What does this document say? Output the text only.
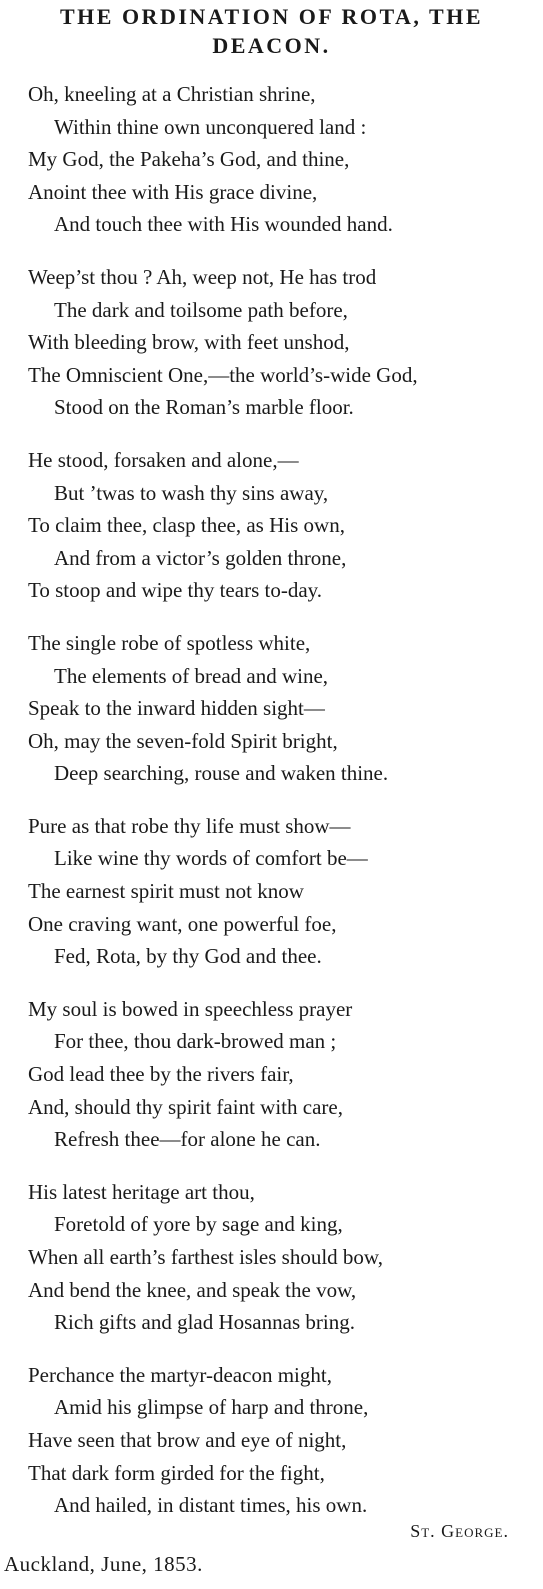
THE ORDINATION OF ROTA, THE
DEACON.
Oh, kneeling at a Christian shrine,
Within thine own unconquered land :
My God, the Pakeha’s God, and thine,
Anoint thee with His grace divine,
And touch thee with His wounded hand.
Weep’st thou ? Ah, weep not, He has trod
The dark and toilsome path before,
With bleeding brow, with feet unshod,
The Omniscient One,—the world’s-wide God,
Stood on the Roman’s marble floor.
He stood, forsaken and alone,—
But ’twas to wash thy sins away,
To claim thee, clasp thee, as His own,
And from a victor’s golden throne,
To stoop and wipe thy tears to-day.
The single robe of spotless white,
The elements of bread and wine,
Speak to the inward hidden sight—
Oh, may the seven-fold Spirit bright,
Deep searching, rouse and waken thine.
Pure as that robe thy life must show—
Like wine thy words of comfort be—
The earnest spirit must not know
One craving want, one powerful foe,
Fed, Rota, by thy God and thee.
My soul is bowed in speechless prayer
For thee, thou dark-browed man ;
God lead thee by the rivers fair,
And, should thy spirit faint with care,
Refresh thee—for alone he can.
His latest heritage art thou,
Foretold of yore by sage and king,
When all earth’s farthest isles should bow,
And bend the knee, and speak the vow,
Rich gifts and glad Hosannas bring.
Perchance the martyr-deacon might,
Amid his glimpse of harp and throne,
Have seen that brow and eye of night,
That dark form girded for the fight,
And hailed, in distant times, his own.
St. George.
Auckland, June, 1853.
